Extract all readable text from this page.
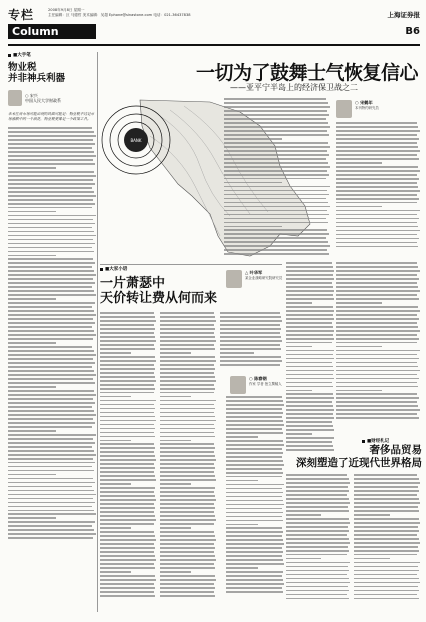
专栏
Column
2008年9月8日 星期一
主任编辑：区 马德哲 美术编辑：吴超 Ephone@sinastone.com 电话：021-36437838	上海证券报
B6
■大手笔
物业税
并非神兵利器
○ 宋兴
中国人民大学财政系
未来住房市场可能出现的局面可能是：物业税不过是市场涨跌中的一个浪花，物业税更像是一个政策工具。
一切为了鼓舞士气恢复信心
——亚平宁半岛上的经济保卫战之二
BANK
○ 宋鹤年
本刊特约研究员
■大家小语
一片萧瑟中
天价转让费从何而来
△ 叶华军
某企业战略研究院研究员
○ 陈春钢
作家 学者 独立撰稿人
■财经札记
奢侈品贸易
深刻塑造了近现代世界格局
